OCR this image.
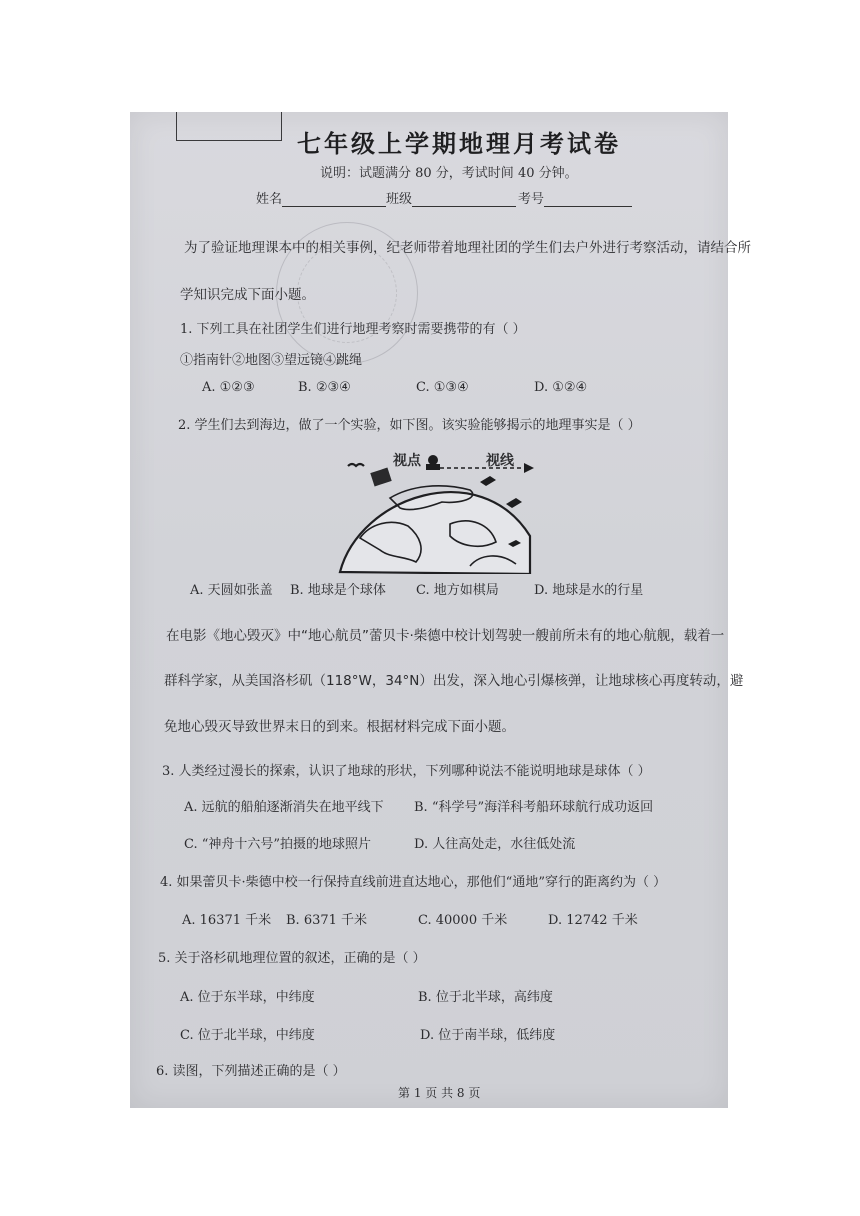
七年级上学期地理月考试卷
说明：试题满分 80 分，考试时间 40 分钟。
姓名	班级	考号
为了验证地理课本中的相关事例，纪老师带着地理社团的学生们去户外进行考察活动，请结合所
学知识完成下面小题。
1. 下列工具在社团学生们进行地理考察时需要携带的有（ ）
①指南针②地图③望远镜④跳绳
A. ①②③	B. ②③④	C. ①③④	D. ①②④
2. 学生们去到海边，做了一个实验，如下图。该实验能够揭示的地理事实是（ ）
视点	视线
A. 天圆如张盖 B. 地球是个球体 C. 地方如棋局	D. 地球是水的行星
在电影《地心毁灭》中“地心航员”蕾贝卡·柴德中校计划驾驶一艘前所未有的地心航舰，载着一
群科学家，从美国洛杉矶（118°W，34°N）出发，深入地心引爆核弹，让地球核心再度转动，避
免地心毁灭导致世界末日的到来。根据材料完成下面小题。
3. 人类经过漫长的探索，认识了地球的形状，下列哪种说法不能说明地球是球体（ ）
A. 远航的船舶逐渐消失在地平线下 B. “科学号”海洋科考船环球航行成功返回
C. “神舟十六号”拍摄的地球照片	D. 人往高处走，水往低处流
4. 如果蕾贝卡·柴德中校一行保持直线前进直达地心，那他们“通地”穿行的距离约为（ ）
A. 16371 千米 B. 6371 千米	C. 40000 千米	D. 12742 千米
5. 关于洛杉矶地理位置的叙述，正确的是（ ）
A. 位于东半球，中纬度	B. 位于北半球，高纬度
C. 位于北半球，中纬度	D. 位于南半球，低纬度
6. 读图，下列描述正确的是（ ）
第 1 页 共 8 页
